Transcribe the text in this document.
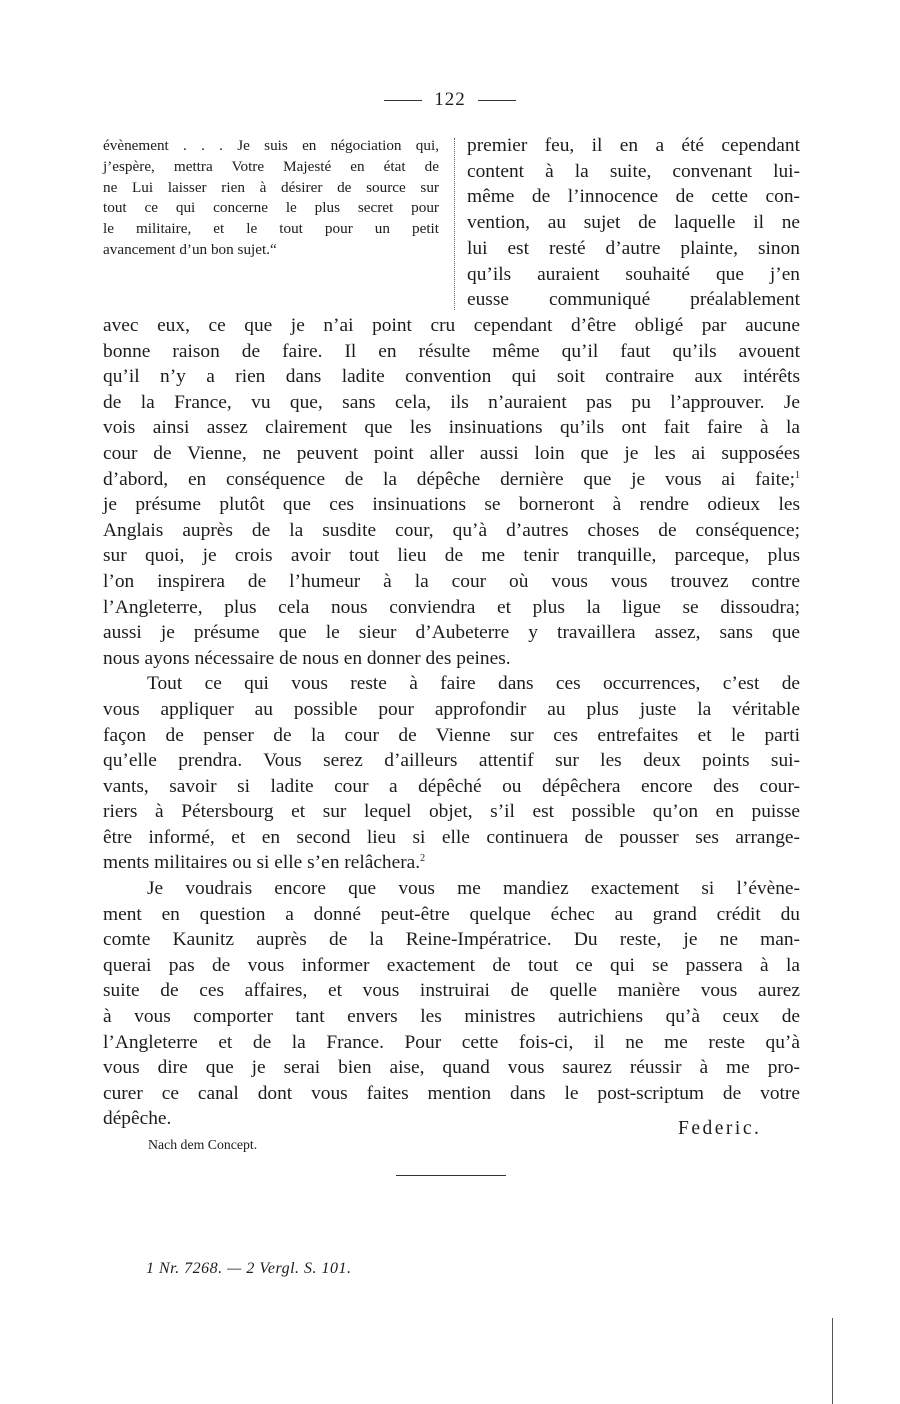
122
évènement . . . Je suis en négociation qui,
j’espère, mettra Votre Majesté en état de
ne Lui laisser rien à désirer de source sur
tout ce qui concerne le plus secret pour
le militaire, et le tout pour un petit
avancement d’un bon sujet.“
premier feu, il en a été cependant
content à la suite, convenant lui-
même de l’innocence de cette con-
vention, au sujet de laquelle il ne
lui est resté d’autre plainte, sinon
qu’ils auraient souhaité que j’en
eusse communiqué préalablement
avec eux, ce que je n’ai point cru cependant d’être obligé par aucune
bonne raison de faire. Il en résulte même qu’il faut qu’ils avouent
qu’il n’y a rien dans ladite convention qui soit contraire aux intérêts
de la France, vu que, sans cela, ils n’auraient pas pu l’approuver. Je
vois ainsi assez clairement que les insinuations qu’ils ont fait faire à la
cour de Vienne, ne peuvent point aller aussi loin que je les ai supposées
d’abord, en conséquence de la dépêche dernière que je vous ai faite;$^1$
je présume plutôt que ces insinuations se borneront à rendre odieux les
Anglais auprès de la susdite cour, qu’à d’autres choses de conséquence;
sur quoi, je crois avoir tout lieu de me tenir tranquille, parceque, plus
l’on inspirera de l’humeur à la cour où vous vous trouvez contre
l’Angleterre, plus cela nous conviendra et plus la ligue se dissoudra;
aussi je présume que le sieur d’Aubeterre y travaillera assez, sans que
nous ayons nécessaire de nous en donner des peines.
Tout ce qui vous reste à faire dans ces occurrences, c’est de
vous appliquer au possible pour approfondir au plus juste la véritable
façon de penser de la cour de Vienne sur ces entrefaites et le parti
qu’elle prendra. Vous serez d’ailleurs attentif sur les deux points sui-
vants, savoir si ladite cour a dépêché ou dépêchera encore des cour-
riers à Pétersbourg et sur lequel objet, s’il est possible qu’on en puisse
être informé, et en second lieu si elle continuera de pousser ses arrange-
ments militaires ou si elle s’en relâchera.$^2$
Je voudrais encore que vous me mandiez exactement si l’évène-
ment en question a donné peut-être quelque échec au grand crédit du
comte Kaunitz auprès de la Reine-Impératrice. Du reste, je ne man-
querai pas de vous informer exactement de tout ce qui se passera à la
suite de ces affaires, et vous instruirai de quelle manière vous aurez
à vous comporter tant envers les ministres autrichiens qu’à ceux de
l’Angleterre et de la France. Pour cette fois-ci, il ne me reste qu’à
vous dire que je serai bien aise, quand vous saurez réussir à me pro-
curer ce canal dont vous faites mention dans le post-scriptum de votre
dépêche.	Federic.
Nach dem Concept.
1 Nr. 7268. — 2 Vergl. S. 101.
